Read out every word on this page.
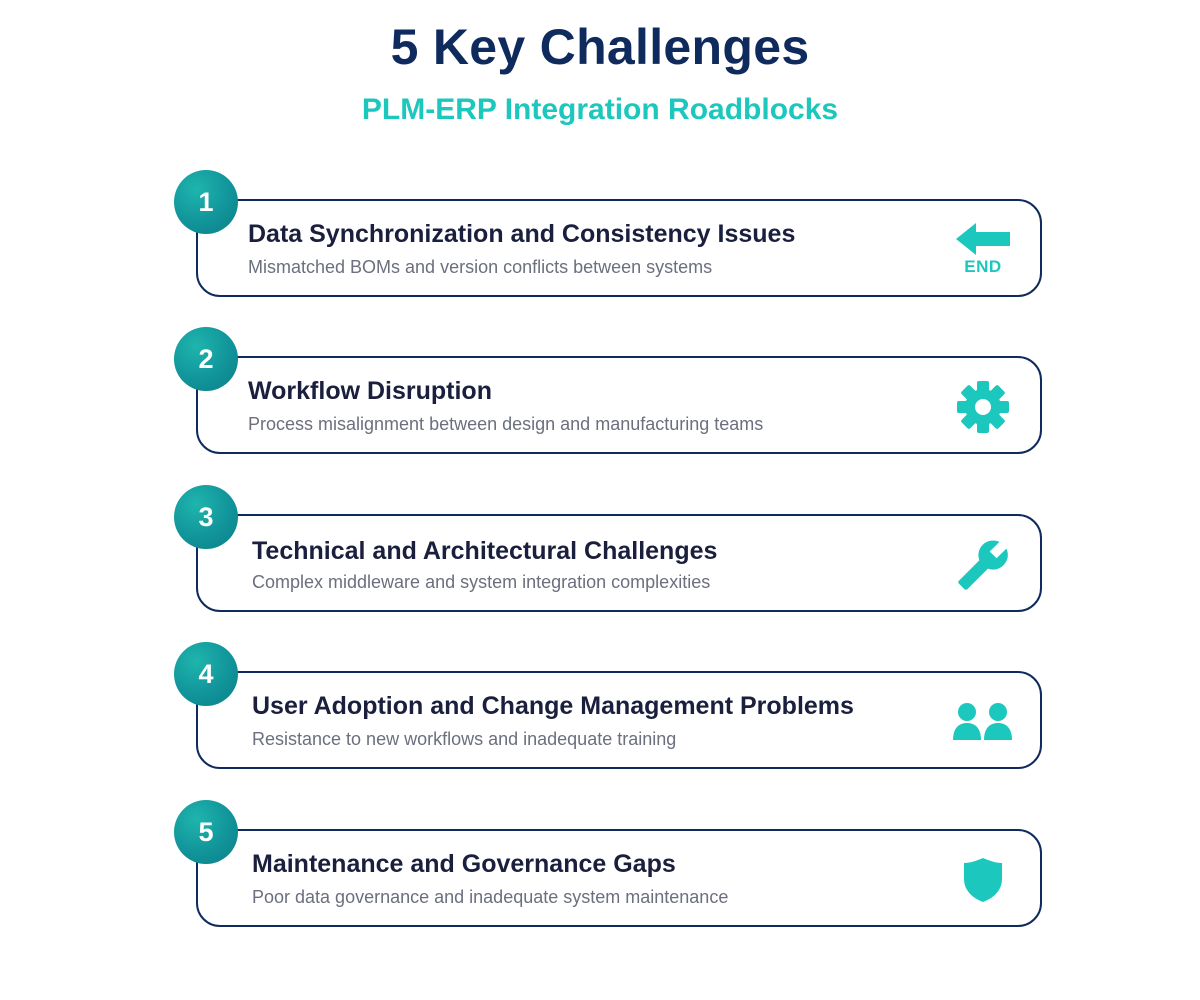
5 Key Challenges
PLM-ERP Integration Roadblocks
1
Data Synchronization and Consistency Issues
Mismatched BOMs and version conflicts between systems	END
2
Workflow Disruption
Process misalignment between design and manufacturing teams
3
Technical and Architectural Challenges
Complex middleware and system integration complexities
4
User Adoption and Change Management Problems
Resistance to new workflows and inadequate training
5
Maintenance and Governance Gaps
Poor data governance and inadequate system maintenance
